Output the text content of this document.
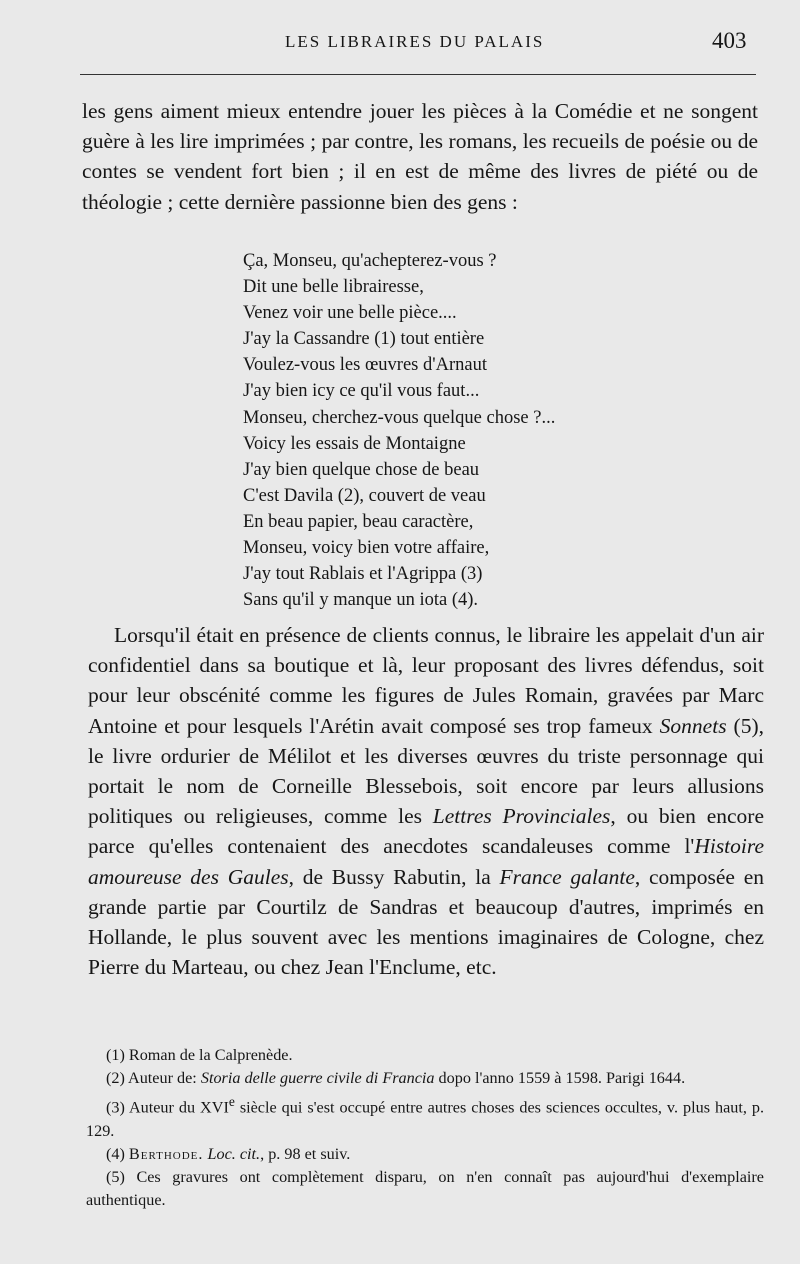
LES LIBRAIRES DU PALAIS	403

les gens aiment mieux entendre jouer les pièces à la Comédie et ne songent guère à les lire imprimées ; par contre, les romans, les recueils de poésie ou de contes se vendent fort bien ; il en est de même des livres de piété ou de théologie ; cette dernière passionne bien des gens :

Ça, Monseu, qu'achepterez-vous ?
Dit une belle librairesse,
Venez voir une belle pièce....
J'ay la Cassandre (1) tout entière
Voulez-vous les œuvres d'Arnaut
J'ay bien icy ce qu'il vous faut...
Monseu, cherchez-vous quelque chose ?...
Voicy les essais de Montaigne
J'ay bien quelque chose de beau
C'est Davila (2), couvert de veau
En beau papier, beau caractère,
Monseu, voicy bien votre affaire,
J'ay tout Rablais et l'Agrippa (3)
Sans qu'il y manque un iota (4).

Lorsqu'il était en présence de clients connus, le libraire les appelait d'un air confidentiel dans sa boutique et là, leur proposant des livres défendus, soit pour leur obscénité comme les figures de Jules Romain, gravées par Marc Antoine et pour lesquels l'Arétin avait composé ses trop fameux Sonnets (5), le livre ordurier de Mélilot et les diverses œuvres du triste personnage qui portait le nom de Corneille Blessebois, soit encore par leurs allusions politiques ou religieuses, comme les Lettres Provinciales, ou bien encore parce qu'elles contenaient des anecdotes scandaleuses comme l'Histoire amoureuse des Gaules, de Bussy Rabutin, la France galante, composée en grande partie par Courtilz de Sandras et beaucoup d'autres, imprimés en Hollande, le plus souvent avec les mentions imaginaires de Cologne, chez Pierre du Marteau, ou chez Jean l'Enclume, etc.

(1) Roman de la Calprenède.

(2) Auteur de: Storia delle guerre civile di Francia dopo l'anno 1559 à 1598. Parigi 1644.

(3) Auteur du XVIe siècle qui s'est occupé entre autres choses des sciences occultes, v. plus haut, p. 129.

(4) Berthode. Loc. cit., p. 98 et suiv.

(5) Ces gravures ont complètement disparu, on n'en connaît pas aujourd'hui d'exemplaire authentique.
